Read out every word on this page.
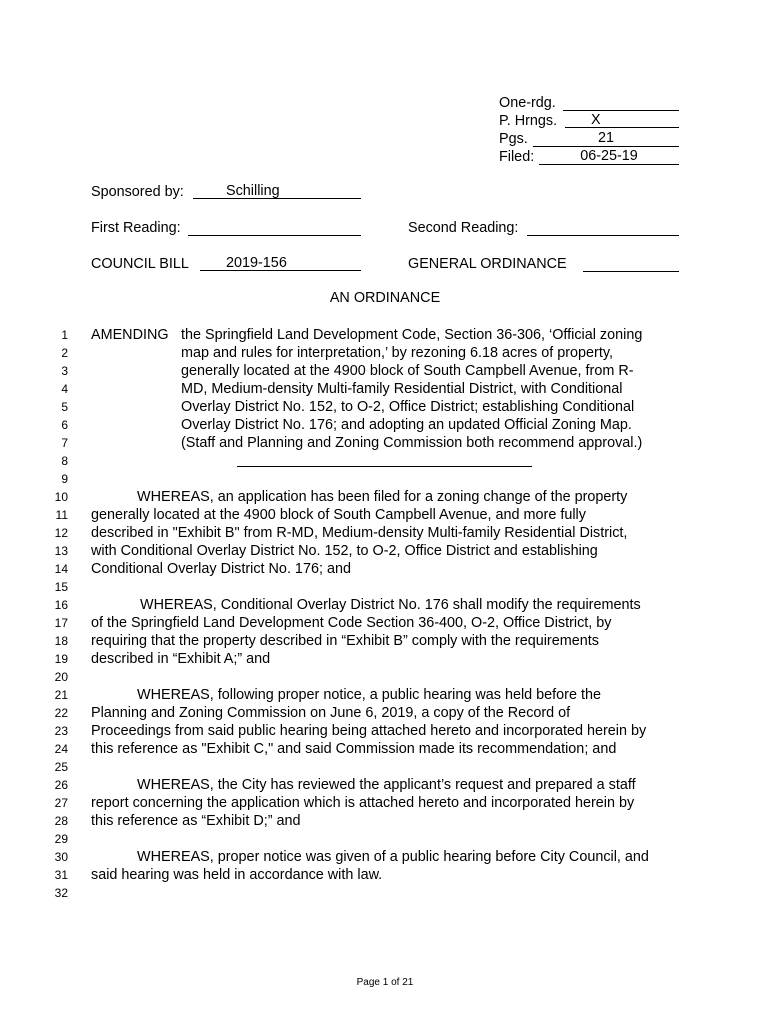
One-rdg.
P. Hrngs.	X
Pgs.	21
Filed:	06-25-19
Sponsored by:	Schilling
First Reading:	Second Reading:
COUNCIL BILL	2019-156	GENERAL ORDINANCE
AN ORDINANCE
1
2
3
4
5
6
7
8
9
10
11
12
13
14
15
16
17
18
19
20
21
22
23
24
25
26
27
28
29
30
31
32
AMENDING the Springfield Land Development Code, Section 36-306, ‘Official zoning
map and rules for interpretation,’ by rezoning 6.18 acres of property,
generally located at the 4900 block of South Campbell Avenue, from R-
MD, Medium-density Multi-family Residential District, with Conditional
Overlay District No. 152, to O-2, Office District; establishing Conditional
Overlay District No. 176; and adopting an updated Official Zoning Map.
(Staff and Planning and Zoning Commission both recommend approval.)
WHEREAS, an application has been filed for a zoning change of the property
generally located at the 4900 block of South Campbell Avenue, and more fully
described in "Exhibit B" from R-MD, Medium-density Multi-family Residential District,
with Conditional Overlay District No. 152, to O-2, Office District and establishing
Conditional Overlay District No. 176; and
WHEREAS, Conditional Overlay District No. 176 shall modify the requirements
of the Springfield Land Development Code Section 36-400, O-2, Office District, by
requiring that the property described in “Exhibit B” comply with the requirements
described in “Exhibit A;” and
WHEREAS, following proper notice, a public hearing was held before the
Planning and Zoning Commission on June 6, 2019, a copy of the Record of
Proceedings from said public hearing being attached hereto and incorporated herein by
this reference as "Exhibit C," and said Commission made its recommendation; and
WHEREAS, the City has reviewed the applicant’s request and prepared a staff
report concerning the application which is attached hereto and incorporated herein by
this reference as “Exhibit D;” and
WHEREAS, proper notice was given of a public hearing before City Council, and
said hearing was held in accordance with law.
Page 1 of 21
